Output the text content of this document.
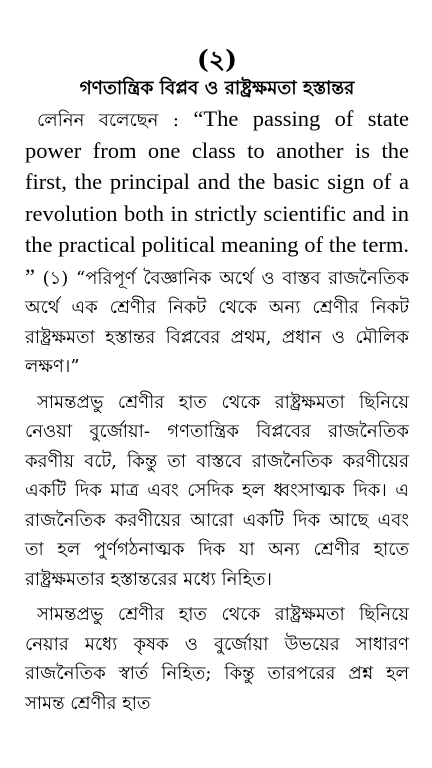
(২)
গণতান্ত্রিক বিপ্লব ও রাষ্ট্রক্ষমতা হস্তান্তর

লেনিন বলেছেন : “The passing of state power from one class to another is the first, the principal and the basic sign of a revolution both in strictly scientific and in the practical political meaning of the term. ” (১) “পরিপূর্ণ বৈজ্ঞানিক অর্থে ও বাস্তব রাজনৈতিক অর্থে এক শ্রেণীর নিকট থেকে অন্য শ্রেণীর নিকট রাষ্ট্রক্ষমতা হস্তান্তর বিপ্লবের প্রথম, প্রধান ও মৌলিক লক্ষণ।”

সামন্তপ্রভু শ্রেণীর হাত থেকে রাষ্ট্রক্ষমতা ছিনিয়ে নেওয়া বুর্জোয়া- গণতান্ত্রিক বিপ্লবের রাজনৈতিক করণীয় বটে, কিন্তু তা বাস্তবে রাজনৈতিক করণীয়ের একটি দিক মাত্র এবং সেদিক হল ধ্বংসাত্মক দিক। এ রাজনৈতিক করণীয়ের আরো একটি দিক আছে এবং তা হল পুর্ণগঠনাত্মক দিক যা অন্য শ্রেণীর হাতে রাষ্ট্রক্ষমতার হস্তান্তরের মধ্যে নিহিত।

সামন্তপ্রভু শ্রেণীর হাত থেকে রাষ্ট্রক্ষমতা ছিনিয়ে নেয়ার মধ্যে কৃষক ও বুর্জোয়া উভয়ের সাধারণ রাজনৈতিক স্বার্ত নিহিত; কিন্তু তারপরের প্রশ্ন হল সামন্ত শ্রেণীর হাত
